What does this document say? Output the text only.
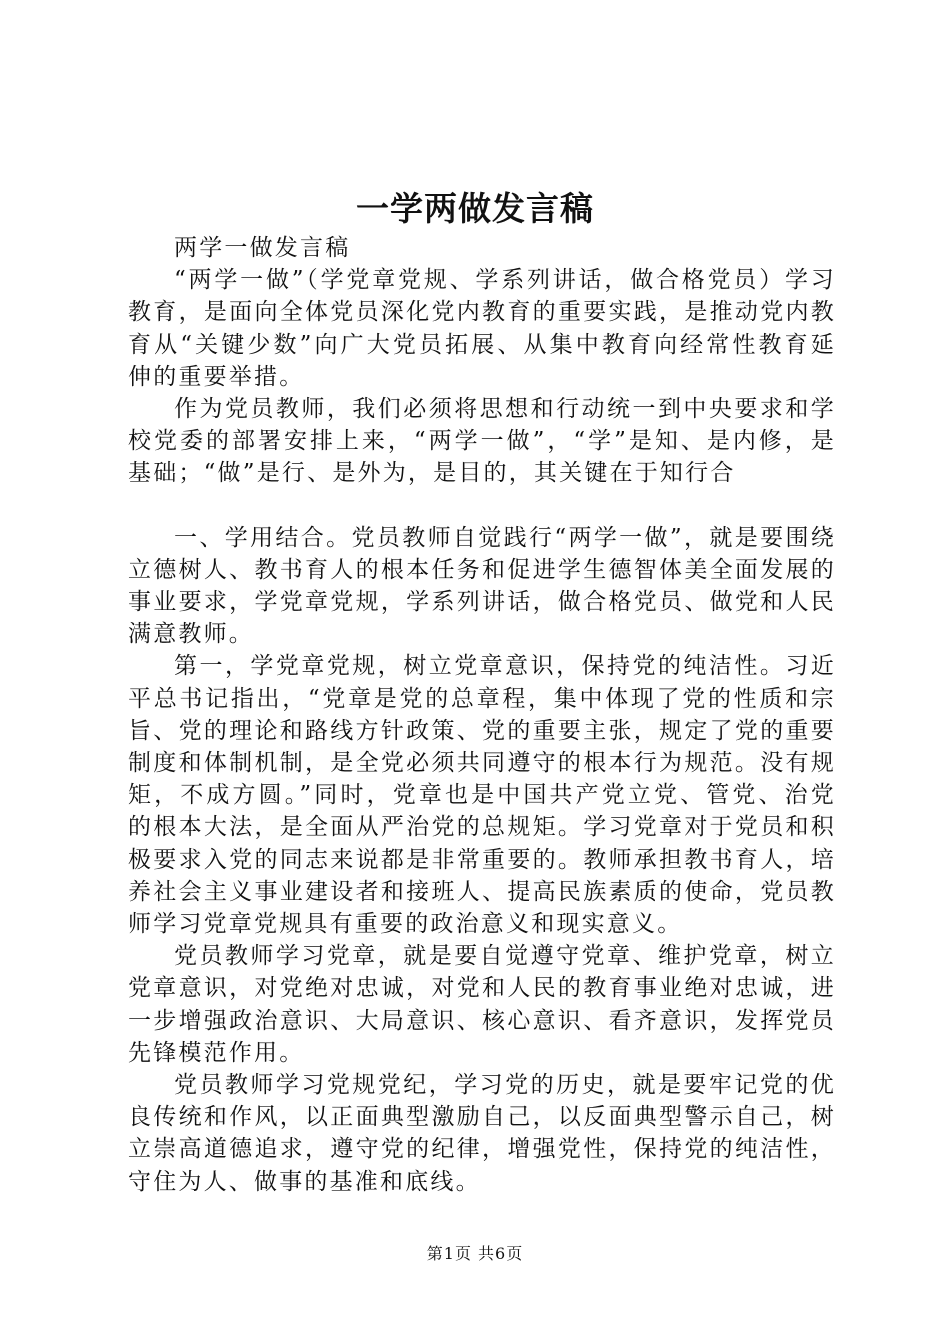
一学两做发言稿

两学一做发言稿

“两学一做”（学党章党规、学系列讲话，做合格党员）学习教育，是面向全体党员深化党内教育的重要实践，是推动党内教育从“关键少数”向广大党员拓展、从集中教育向经常性教育延伸的重要举措。

作为党员教师，我们必须将思想和行动统一到中央要求和学校党委的部署安排上来，“两学一做”，“学”是知、是内修，是基础；“做”是行、是外为，是目的，其关键在于知行合

一、学用结合。党员教师自觉践行“两学一做”，就是要围绕立德树人、教书育人的根本任务和促进学生德智体美全面发展的事业要求，学党章党规，学系列讲话，做合格党员、做党和人民满意教师。

第一，学党章党规，树立党章意识，保持党的纯洁性。习近平总书记指出，“党章是党的总章程，集中体现了党的性质和宗旨、党的理论和路线方针政策、党的重要主张，规定了党的重要制度和体制机制，是全党必须共同遵守的根本行为规范。没有规矩，不成方圆。”同时，党章也是中国共产党立党、管党、治党的根本大法，是全面从严治党的总规矩。学习党章对于党员和积极要求入党的同志来说都是非常重要的。教师承担教书育人，培养社会主义事业建设者和接班人、提高民族素质的使命，党员教师学习党章党规具有重要的政治意义和现实意义。

党员教师学习党章，就是要自觉遵守党章、维护党章，树立党章意识，对党绝对忠诚，对党和人民的教育事业绝对忠诚，进一步增强政治意识、大局意识、核心意识、看齐意识，发挥党员先锋模范作用。

党员教师学习党规党纪，学习党的历史，就是要牢记党的优良传统和作风，以正面典型激励自己，以反面典型警示自己，树立崇高道德追求，遵守党的纪律，增强党性，保持党的纯洁性，守住为人、做事的基准和底线。

第1页 共6页
